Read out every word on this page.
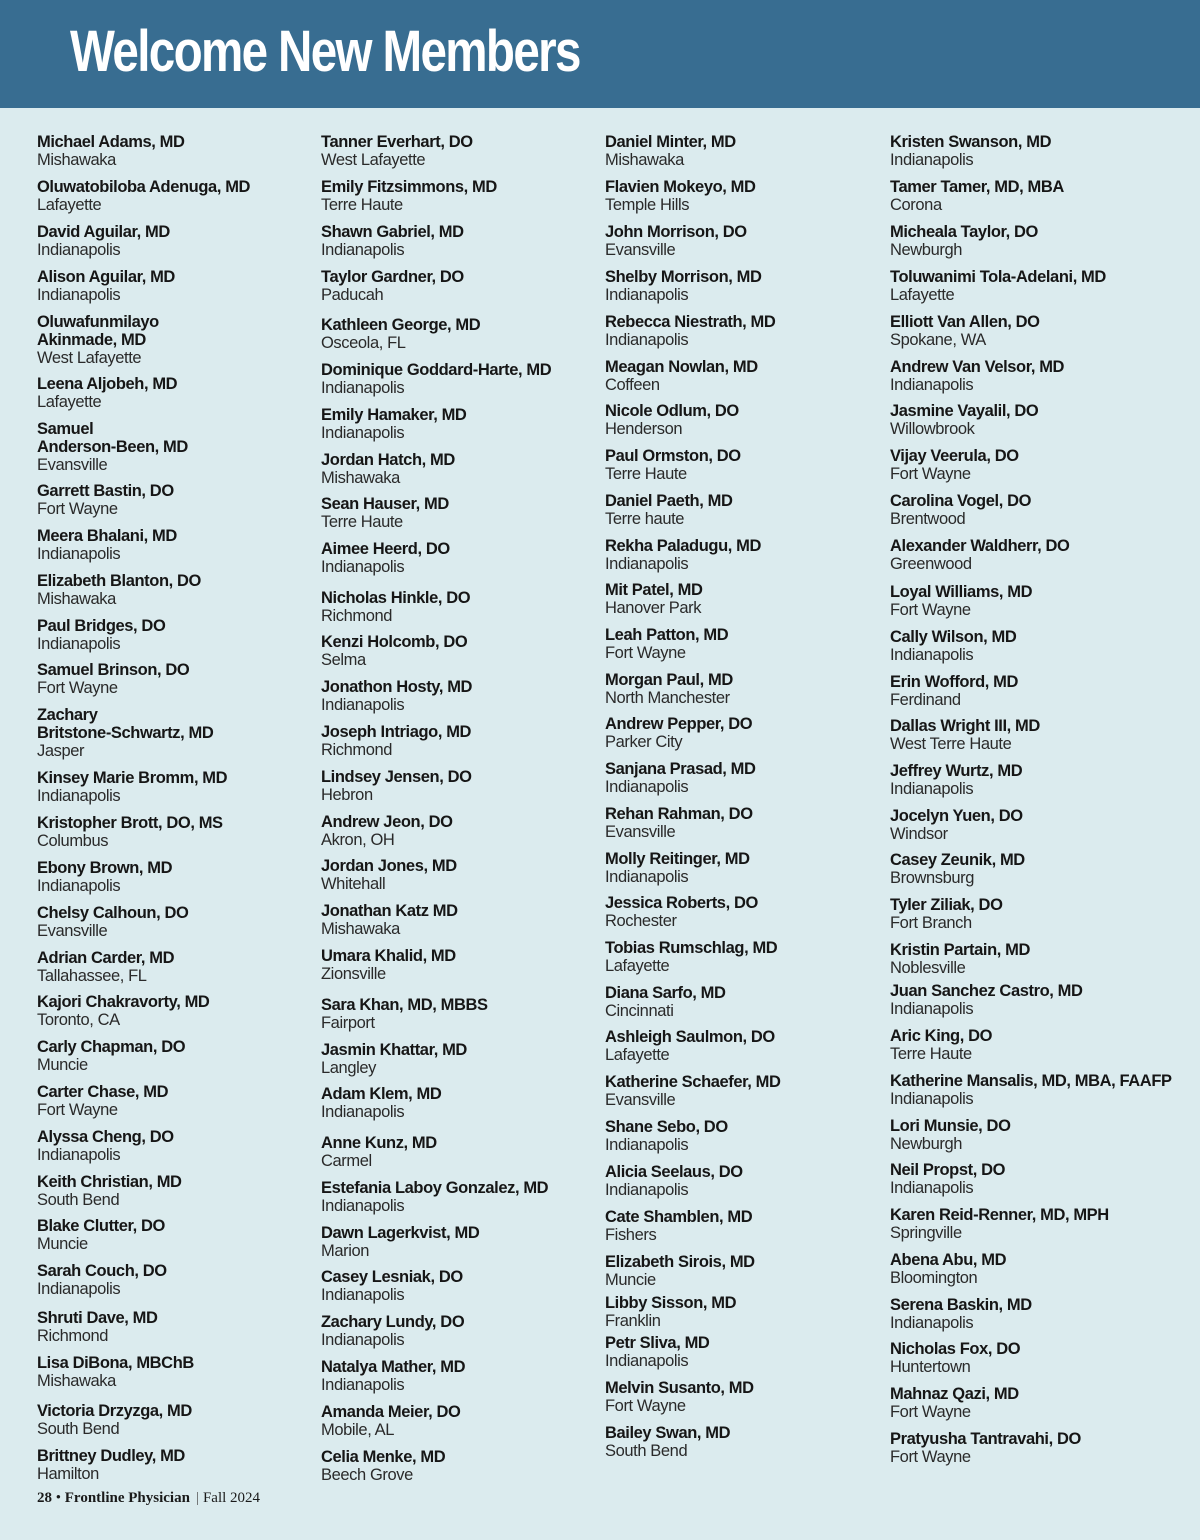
Welcome New Members
Michael Adams, MD
Mishawaka
Oluwatobiloba Adenuga, MD
Lafayette
David Aguilar, MD
Indianapolis
Alison Aguilar, MD
Indianapolis
Oluwafunmilayo
Akinmade, MD
West Lafayette
Leena Aljobeh, MD
Lafayette
Samuel
Anderson-Been, MD
Evansville
Garrett Bastin, DO
Fort Wayne
Meera Bhalani, MD
Indianapolis
Elizabeth Blanton, DO
Mishawaka
Paul Bridges, DO
Indianapolis
Samuel Brinson, DO
Fort Wayne
Zachary
Britstone-Schwartz, MD
Jasper
Kinsey Marie Bromm, MD
Indianapolis
Kristopher Brott, DO, MS
Columbus
Ebony Brown, MD
Indianapolis
Chelsy Calhoun, DO
Evansville
Adrian Carder, MD
Tallahassee, FL
Kajori Chakravorty, MD
Toronto, CA
Carly Chapman, DO
Muncie
Carter Chase, MD
Fort Wayne
Alyssa Cheng, DO
Indianapolis
Keith Christian, MD
South Bend
Blake Clutter, DO
Muncie
Sarah Couch, DO
Indianapolis
Shruti Dave, MD
Richmond
Lisa DiBona, MBChB
Mishawaka
Victoria Drzyzga, MD
South Bend
Brittney Dudley, MD
Hamilton
Tanner Everhart, DO
West Lafayette
Emily Fitzsimmons, MD
Terre Haute
Shawn Gabriel, MD
Indianapolis
Taylor Gardner, DO
Paducah
Kathleen George, MD
Osceola, FL
Dominique Goddard-Harte, MD
Indianapolis
Emily Hamaker, MD
Indianapolis
Jordan Hatch, MD
Mishawaka
Sean Hauser, MD
Terre Haute
Aimee Heerd, DO
Indianapolis
Nicholas Hinkle, DO
Richmond
Kenzi Holcomb, DO
Selma
Jonathon Hosty, MD
Indianapolis
Joseph Intriago, MD
Richmond
Lindsey Jensen, DO
Hebron
Andrew Jeon, DO
Akron, OH
Jordan Jones, MD
Whitehall
Jonathan Katz MD
Mishawaka
Umara Khalid, MD
Zionsville
Sara Khan, MD, MBBS
Fairport
Jasmin Khattar, MD
Langley
Adam Klem, MD
Indianapolis
Anne Kunz, MD
Carmel
Estefania Laboy Gonzalez, MD
Indianapolis
Dawn Lagerkvist, MD
Marion
Casey Lesniak, DO
Indianapolis
Zachary Lundy, DO
Indianapolis
Natalya Mather, MD
Indianapolis
Amanda Meier, DO
Mobile, AL
Celia Menke, MD
Beech Grove
Daniel Minter, MD
Mishawaka
Flavien Mokeyo, MD
Temple Hills
John Morrison, DO
Evansville
Shelby Morrison, MD
Indianapolis
Rebecca Niestrath, MD
Indianapolis
Meagan Nowlan, MD
Coffeen
Nicole Odlum, DO
Henderson
Paul Ormston, DO
Terre Haute
Daniel Paeth, MD
Terre haute
Rekha Paladugu, MD
Indianapolis
Mit Patel, MD
Hanover Park
Leah Patton, MD
Fort Wayne
Morgan Paul, MD
North Manchester
Andrew Pepper, DO
Parker City
Sanjana Prasad, MD
Indianapolis
Rehan Rahman, DO
Evansville
Molly Reitinger, MD
Indianapolis
Jessica Roberts, DO
Rochester
Tobias Rumschlag, MD
Lafayette
Diana Sarfo, MD
Cincinnati
Ashleigh Saulmon, DO
Lafayette
Katherine Schaefer, MD
Evansville
Shane Sebo, DO
Indianapolis
Alicia Seelaus, DO
Indianapolis
Cate Shamblen, MD
Fishers
Elizabeth Sirois, MD
Muncie
Libby Sisson, MD
Franklin
Petr Sliva, MD
Indianapolis
Melvin Susanto, MD
Fort Wayne
Bailey Swan, MD
South Bend
Kristen Swanson, MD
Indianapolis
Tamer Tamer, MD, MBA
Corona
Micheala Taylor, DO
Newburgh
Toluwanimi Tola-Adelani, MD
Lafayette
Elliott Van Allen, DO
Spokane, WA
Andrew Van Velsor, MD
Indianapolis
Jasmine Vayalil, DO
Willowbrook
Vijay Veerula, DO
Fort Wayne
Carolina Vogel, DO
Brentwood
Alexander Waldherr, DO
Greenwood
Loyal Williams, MD
Fort Wayne
Cally Wilson, MD
Indianapolis
Erin Wofford, MD
Ferdinand
Dallas Wright III, MD
West Terre Haute
Jeffrey Wurtz, MD
Indianapolis
Jocelyn Yuen, DO
Windsor
Casey Zeunik, MD
Brownsburg
Tyler Ziliak, DO
Fort Branch
Kristin Partain, MD
Noblesville
Juan Sanchez Castro, MD
Indianapolis
Aric King, DO
Terre Haute
Katherine Mansalis, MD, MBA, FAAFP
Indianapolis
Lori Munsie, DO
Newburgh
Neil Propst, DO
Indianapolis
Karen Reid-Renner, MD, MPH
Springville
Abena Abu, MD
Bloomington
Serena Baskin, MD
Indianapolis
Nicholas Fox, DO
Huntertown
Mahnaz Qazi, MD
Fort Wayne
Pratyusha Tantravahi, DO
Fort Wayne
28 • Frontline Physician | Fall 2024
